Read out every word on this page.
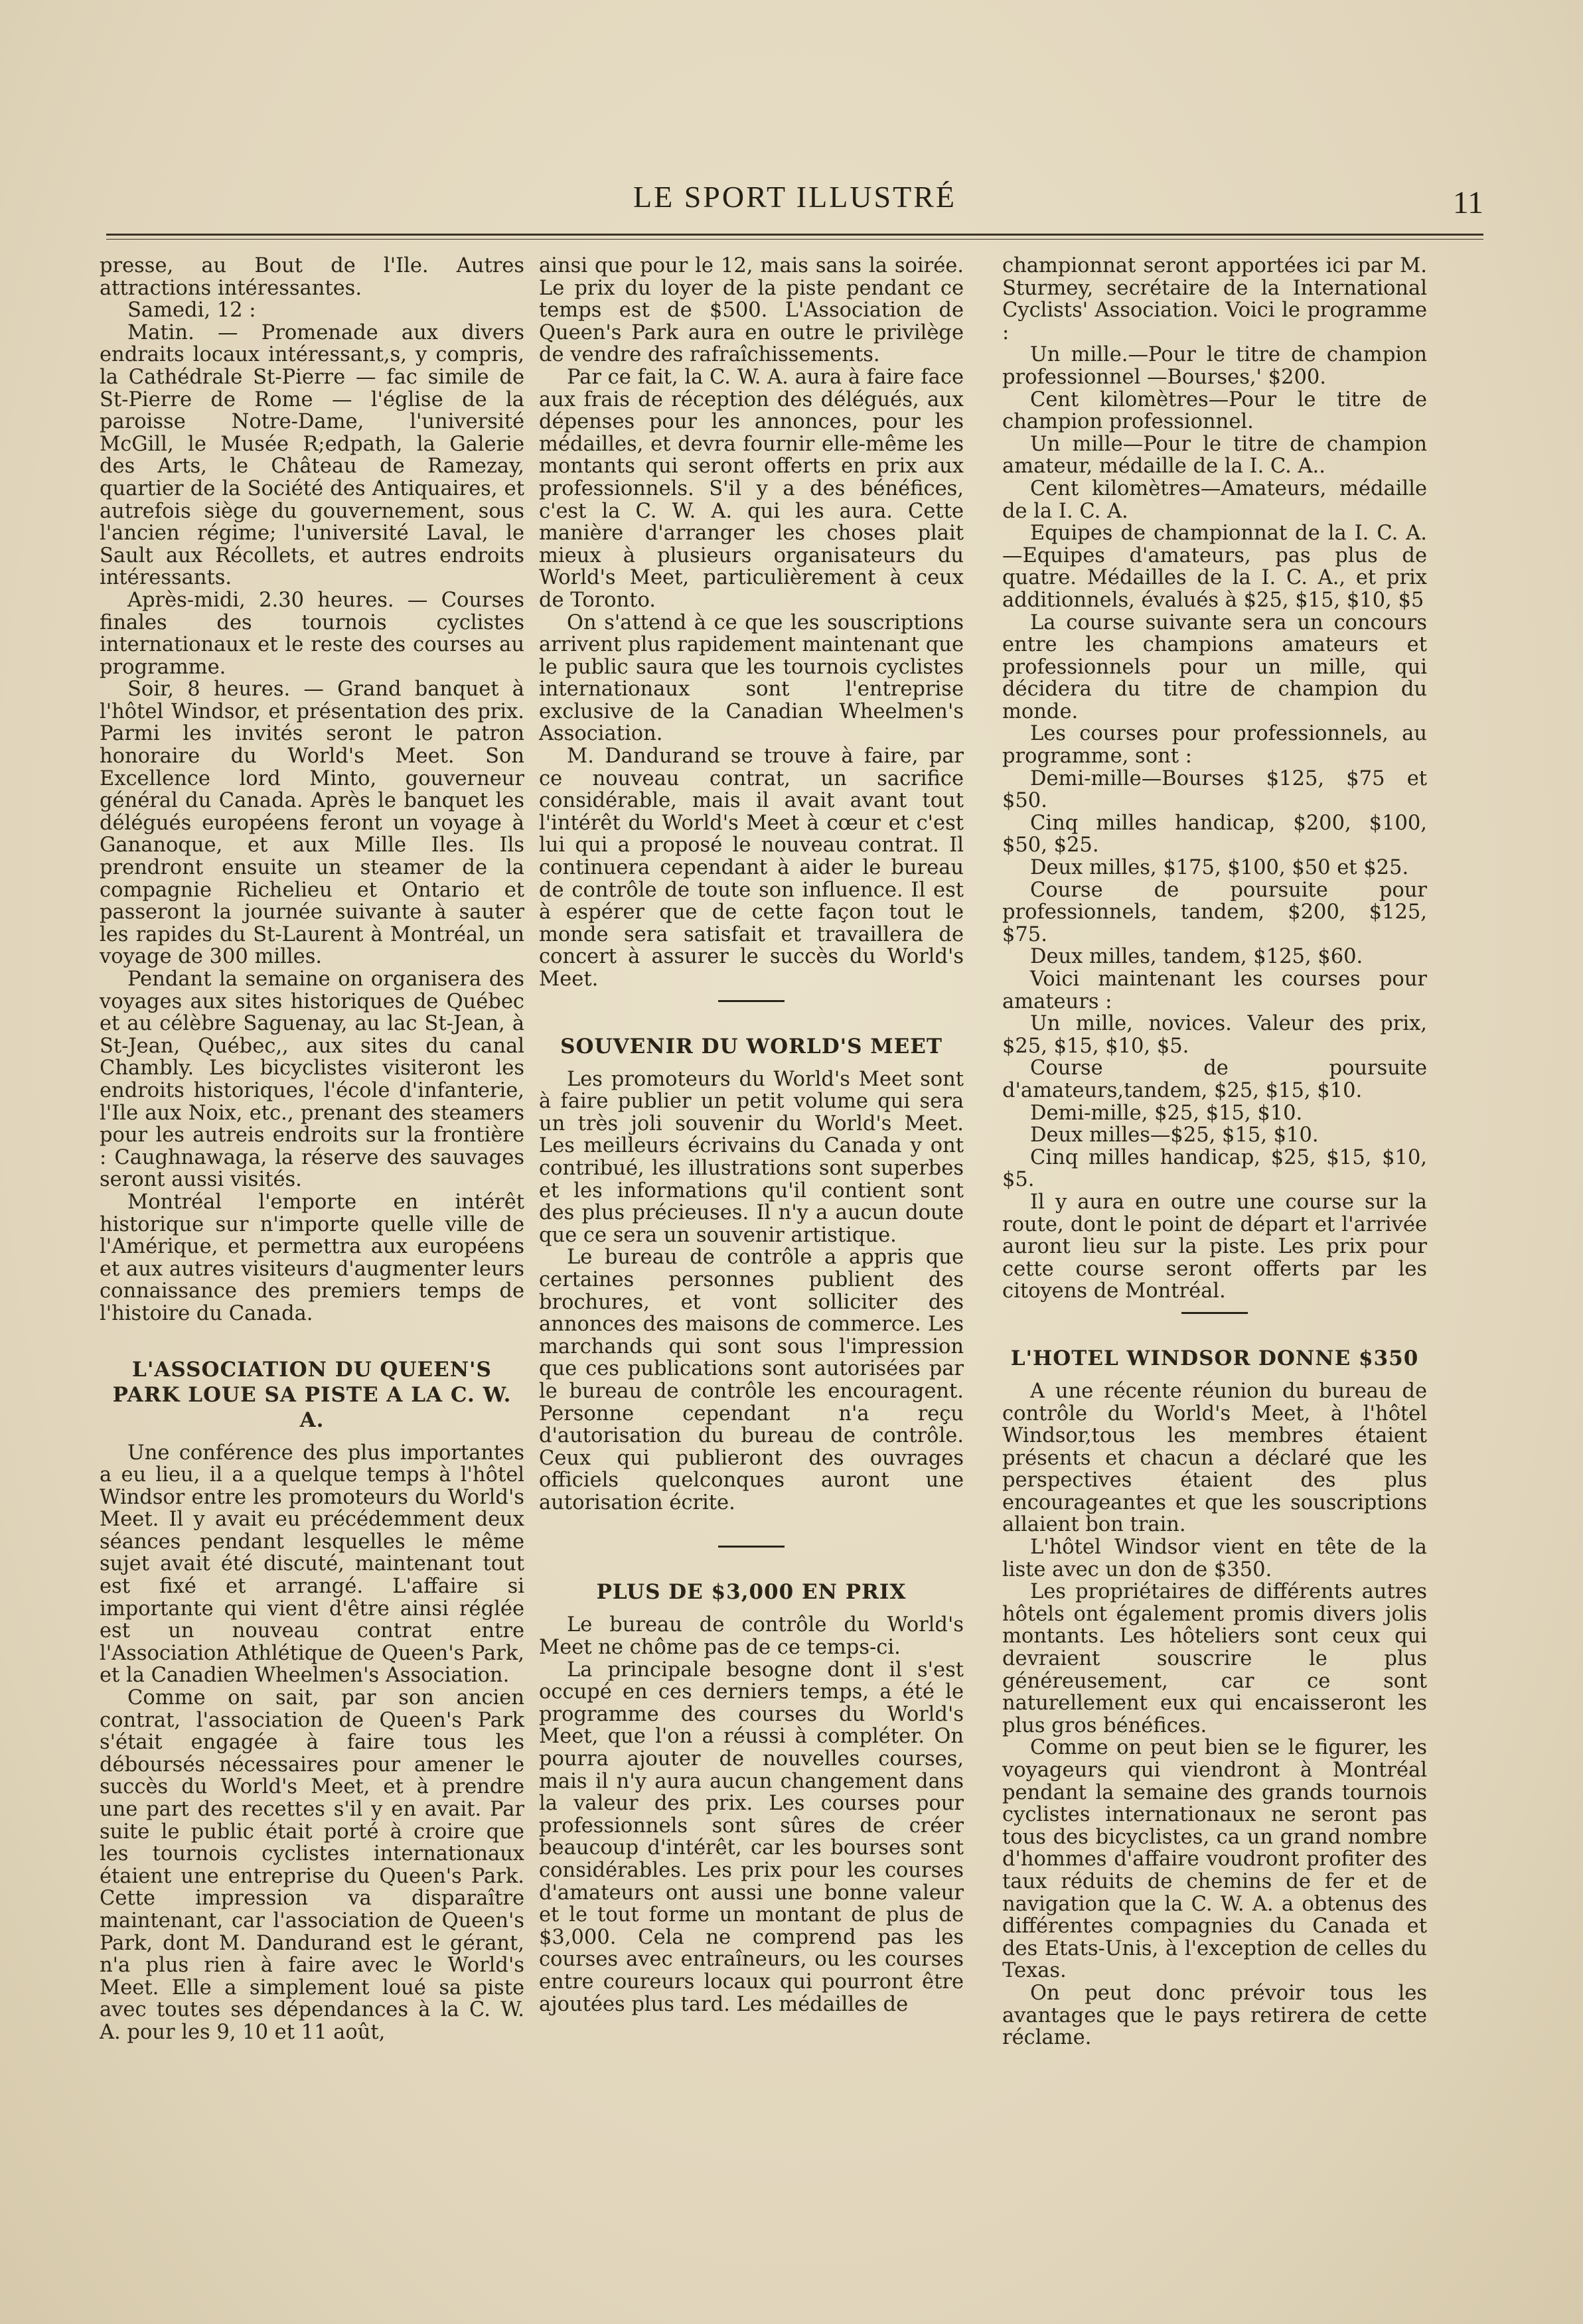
LE SPORT ILLUSTRÉ	11

presse, au Bout de l'Ile. Autres attractions intéressantes.

Samedi, 12 :

Matin. — Promenade aux divers endraits locaux intéressant,s, y compris, la Cathédrale St-Pierre — fac simile de St-Pierre de Rome — l'église de la paroisse Notre-Dame, l'université McGill, le Musée R;edpath, la Galerie des Arts, le Château de Ramezay, quartier de la Société des Antiquaires, et autrefois siège du gouvernement, sous l'ancien régime; l'université Laval, le Sault aux Récollets, et autres endroits intéressants.

Après-midi, 2.30 heures. — Courses finales des tournois cyclistes internationaux et le reste des courses au programme.

Soir, 8 heures. — Grand banquet à l'hôtel Windsor, et présentation des prix. Parmi les invités seront le patron honoraire du World's Meet. Son Excellence lord Minto, gouverneur général du Canada. Après le banquet les délégués européens feront un voyage à Gananoque, et aux Mille Iles. Ils prendront ensuite un steamer de la compagnie Richelieu et Ontario et passeront la journée suivante à sauter les rapides du St-Laurent à Montréal, un voyage de 300 milles.

Pendant la semaine on organisera des voyages aux sites historiques de Québec et au célèbre Saguenay, au lac St-Jean, à St-Jean, Québec,, aux sites du canal Chambly. Les bicyclistes visiteront les endroits historiques, l'école d'infanterie, l'Ile aux Noix, etc., prenant des steamers pour les autreis endroits sur la frontière : Caughnawaga, la réserve des sauvages seront aussi visités.

Montréal l'emporte en intérêt historique sur n'importe quelle ville de l'Amérique, et permettra aux européens et aux autres visiteurs d'augmenter leurs connaissance des premiers temps de l'histoire du Canada.

L'ASSOCIATION DU QUEEN'S PARK LOUE SA PISTE A LA C. W. A.

Une conférence des plus importantes a eu lieu, il a a quelque temps à l'hôtel Windsor entre les promoteurs du World's Meet. Il y avait eu précédemment deux séances pendant lesquelles le même sujet avait été discuté, maintenant tout est fixé et arrangé. L'affaire si importante qui vient d'être ainsi réglée est un nouveau contrat entre l'Association Athlétique de Queen's Park, et la Canadien Wheelmen's Association.

Comme on sait, par son ancien contrat, l'association de Queen's Park s'était engagée à faire tous les déboursés nécessaires pour amener le succès du World's Meet, et à prendre une part des recettes s'il y en avait. Par suite le public était porté à croire que les tournois cyclistes internationaux étaient une entreprise du Queen's Park. Cette impression va disparaître maintenant, car l'association de Queen's Park, dont M. Dandurand est le gérant, n'a plus rien à faire avec le World's Meet. Elle a simplement loué sa piste avec toutes ses dépendances à la C. W. A. pour les 9, 10 et 11 août,

ainsi que pour le 12, mais sans la soirée. Le prix du loyer de la piste pendant ce temps est de $500. L'Association de Queen's Park aura en outre le privilège de vendre des rafraîchissements.

Par ce fait, la C. W. A. aura à faire face aux frais de réception des délégués, aux dépenses pour les annonces, pour les médailles, et devra fournir elle-même les montants qui seront offerts en prix aux professionnels. S'il y a des bénéfices, c'est la C. W. A. qui les aura. Cette manière d'arranger les choses plait mieux à plusieurs organisateurs du World's Meet, particulièrement à ceux de Toronto.

On s'attend à ce que les souscriptions arrivent plus rapidement maintenant que le public saura que les tournois cyclistes internationaux sont l'entreprise exclusive de la Canadian Wheelmen's Association.

M. Dandurand se trouve à faire, par ce nouveau contrat, un sacrifice considérable, mais il avait avant tout l'intérêt du World's Meet à cœur et c'est lui qui a proposé le nouveau contrat. Il continuera cependant à aider le bureau de contrôle de toute son influence. Il est à espérer que de cette façon tout le monde sera satisfait et travaillera de concert à assurer le succès du World's Meet.

SOUVENIR DU WORLD'S MEET

Les promoteurs du World's Meet sont à faire publier un petit volume qui sera un très joli souvenir du World's Meet. Les meilleurs écrivains du Canada y ont contribué, les illustrations sont superbes et les informations qu'il contient sont des plus précieuses. Il n'y a aucun doute que ce sera un souvenir artistique.

Le bureau de contrôle a appris que certaines personnes publient des brochures, et vont solliciter des annonces des maisons de commerce. Les marchands qui sont sous l'impression que ces publications sont autorisées par le bureau de contrôle les encouragent. Personne cependant n'a reçu d'autorisation du bureau de contrôle. Ceux qui publieront des ouvrages officiels quelconques auront une autorisation écrite.

PLUS DE $3,000 EN PRIX

Le bureau de contrôle du World's Meet ne chôme pas de ce temps-ci.

La principale besogne dont il s'est occupé en ces derniers temps, a été le programme des courses du World's Meet, que l'on a réussi à compléter. On pourra ajouter de nouvelles courses, mais il n'y aura aucun changement dans la valeur des prix. Les courses pour professionnels sont sûres de créer beaucoup d'intérêt, car les bourses sont considérables. Les prix pour les courses d'amateurs ont aussi une bonne valeur et le tout forme un montant de plus de $3,000. Cela ne comprend pas les courses avec entraîneurs, ou les courses entre coureurs locaux qui pourront être ajoutées plus tard. Les médailles de

championnat seront apportées ici par M. Sturmey, secrétaire de la International Cyclists' Association. Voici le programme :

Un mille.—Pour le titre de champion professionnel —Bourses,' $200.

Cent kilomètres—Pour le titre de champion professionnel.

Un mille—Pour le titre de champion amateur, médaille de la I. C. A..

Cent kilomètres—Amateurs, médaille de la I. C. A.

Equipes de championnat de la I. C. A.—Equipes d'amateurs, pas plus de quatre. Médailles de la I. C. A., et prix additionnels, évalués à $25, $15, $10, $5

La course suivante sera un concours entre les champions amateurs et professionnels pour un mille, qui décidera du titre de champion du monde.

Les courses pour professionnels, au programme, sont :

Demi-mille—Bourses $125, $75 et $50.

Cinq milles handicap, $200, $100, $50, $25.

Deux milles, $175, $100, $50 et $25.

Course de poursuite pour professionnels, tandem, $200, $125, $75.

Deux milles, tandem, $125, $60.

Voici maintenant les courses pour amateurs :

Un mille, novices. Valeur des prix, $25, $15, $10, $5.

Course de poursuite d'amateurs,tandem, $25, $15, $10.

Demi-mille, $25, $15, $10.

Deux milles—$25, $15, $10.

Cinq milles handicap, $25, $15, $10, $5.

Il y aura en outre une course sur la route, dont le point de départ et l'arrivée auront lieu sur la piste. Les prix pour cette course seront offerts par les citoyens de Montréal.

L'HOTEL WINDSOR DONNE $350

A une récente réunion du bureau de contrôle du World's Meet, à l'hôtel Windsor,tous les membres étaient présents et chacun a déclaré que les perspectives étaient des plus encourageantes et que les souscriptions allaient bon train.

L'hôtel Windsor vient en tête de la liste avec un don de $350.

Les propriétaires de différents autres hôtels ont également promis divers jolis montants. Les hôteliers sont ceux qui devraient souscrire le plus généreusement, car ce sont naturellement eux qui encaisseront les plus gros bénéfices.

Comme on peut bien se le figurer, les voyageurs qui viendront à Montréal pendant la semaine des grands tournois cyclistes internationaux ne seront pas tous des bicyclistes, ca un grand nombre d'hommes d'affaire voudront profiter des taux réduits de chemins de fer et de navigation que la C. W. A. a obtenus des différentes compagnies du Canada et des Etats-Unis, à l'exception de celles du Texas.

On peut donc prévoir tous les avantages que le pays retirera de cette réclame.
